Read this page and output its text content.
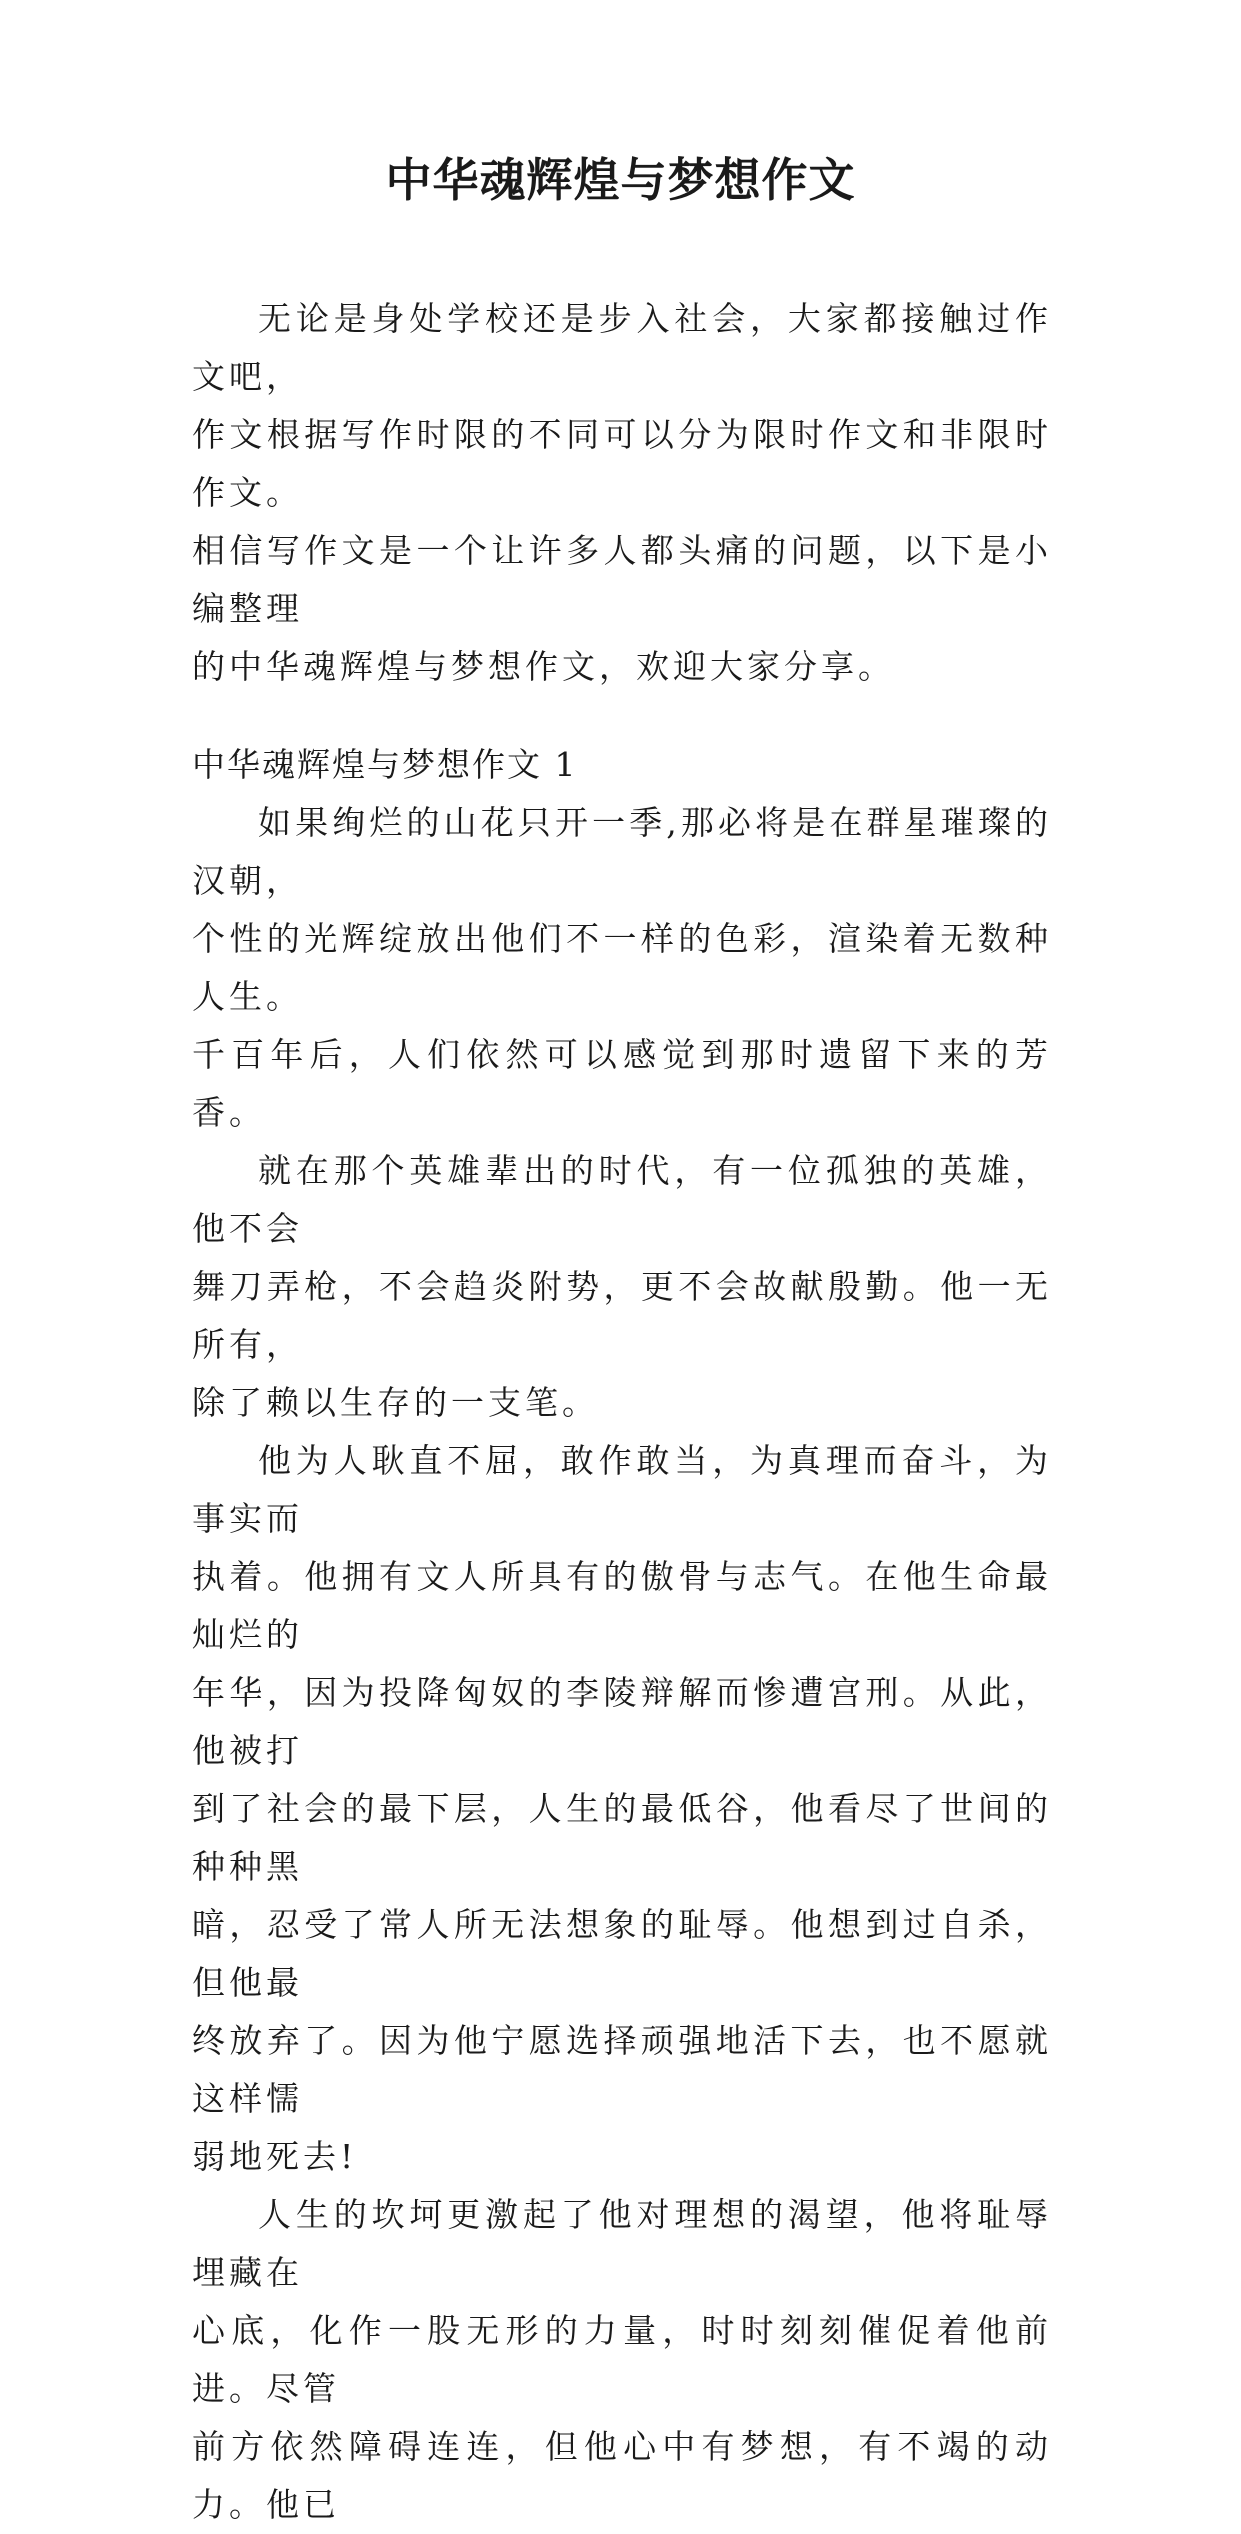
中华魂辉煌与梦想作文

无论是身处学校还是步入社会，大家都接触过作文吧，
作文根据写作时限的不同可以分为限时作文和非限时作文。
相信写作文是一个让许多人都头痛的问题，以下是小编整理
的中华魂辉煌与梦想作文，欢迎大家分享。

中华魂辉煌与梦想作文 1

如果绚烂的山花只开一季,那必将是在群星璀璨的汉朝，
个性的光辉绽放出他们不一样的色彩，渲染着无数种人生。
千百年后，人们依然可以感觉到那时遗留下来的芳香。

就在那个英雄辈出的时代，有一位孤独的英雄，他不会
舞刀弄枪，不会趋炎附势，更不会故献殷勤。他一无所有，
除了赖以生存的一支笔。

他为人耿直不屈，敢作敢当，为真理而奋斗，为事实而
执着。他拥有文人所具有的傲骨与志气。在他生命最灿烂的
年华，因为投降匈奴的李陵辩解而惨遭宫刑。从此，他被打
到了社会的最下层，人生的最低谷，他看尽了世间的种种黑
暗，忍受了常人所无法想象的耻辱。他想到过自杀，但他最
终放弃了。因为他宁愿选择顽强地活下去，也不愿就这样懦
弱地死去!

人生的坎坷更激起了他对理想的渴望，他将耻辱埋藏在
心底，化作一股无形的力量，时时刻刻催促着他前进。尽管
前方依然障碍连连，但他心中有梦想，有不竭的动力。他已
